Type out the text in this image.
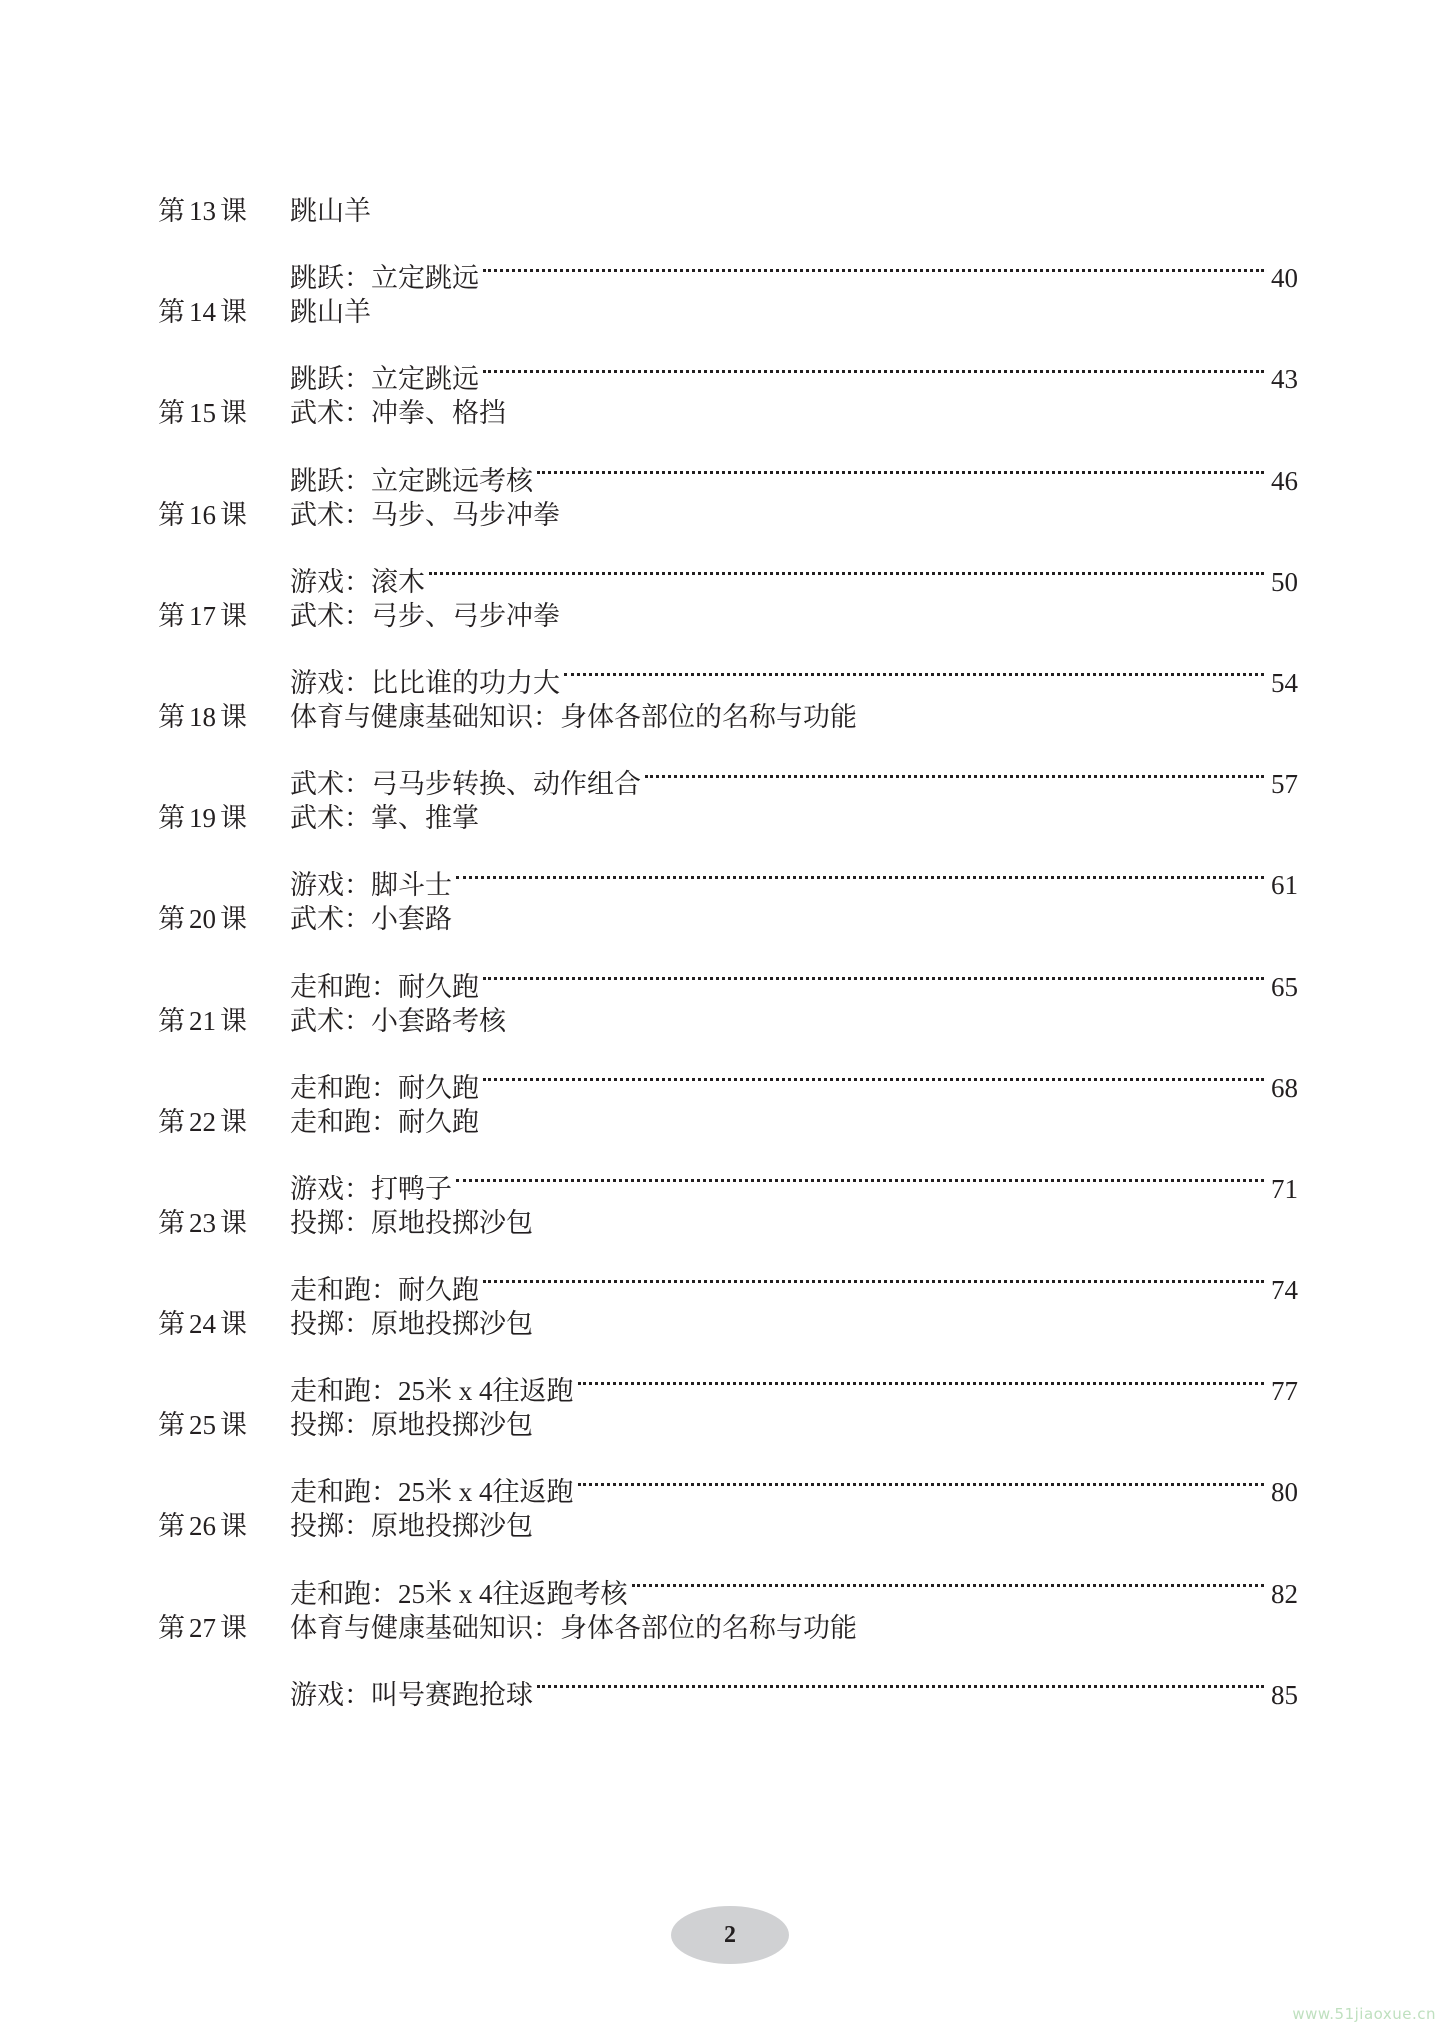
第 13 课	跳山羊
跳跃：立定跳远	40
第 14 课	跳山羊
跳跃：立定跳远	43
第 15 课	武术：冲拳、格挡
跳跃：立定跳远考核	46
第 16 课	武术：马步、马步冲拳
游戏：滚木	50
第 17 课	武术：弓步、弓步冲拳
游戏：比比谁的功力大	54
第 18 课	体育与健康基础知识：身体各部位的名称与功能
武术：弓马步转换、动作组合	57
第 19 课	武术：掌、推掌
游戏：脚斗士	61
第 20 课	武术：小套路
走和跑：耐久跑	65
第 21 课	武术：小套路考核
走和跑：耐久跑	68
第 22 课	走和跑：耐久跑
游戏：打鸭子	71
第 23 课	投掷：原地投掷沙包
走和跑：耐久跑	74
第 24 课	投掷：原地投掷沙包
走和跑：25米 x 4往返跑	77
第 25 课	投掷：原地投掷沙包
走和跑：25米 x 4往返跑	80
第 26 课	投掷：原地投掷沙包
走和跑：25米 x 4往返跑考核	82
第 27 课	体育与健康基础知识：身体各部位的名称与功能
游戏：叫号赛跑抢球	85
2
www.51jiaoxue.cn
